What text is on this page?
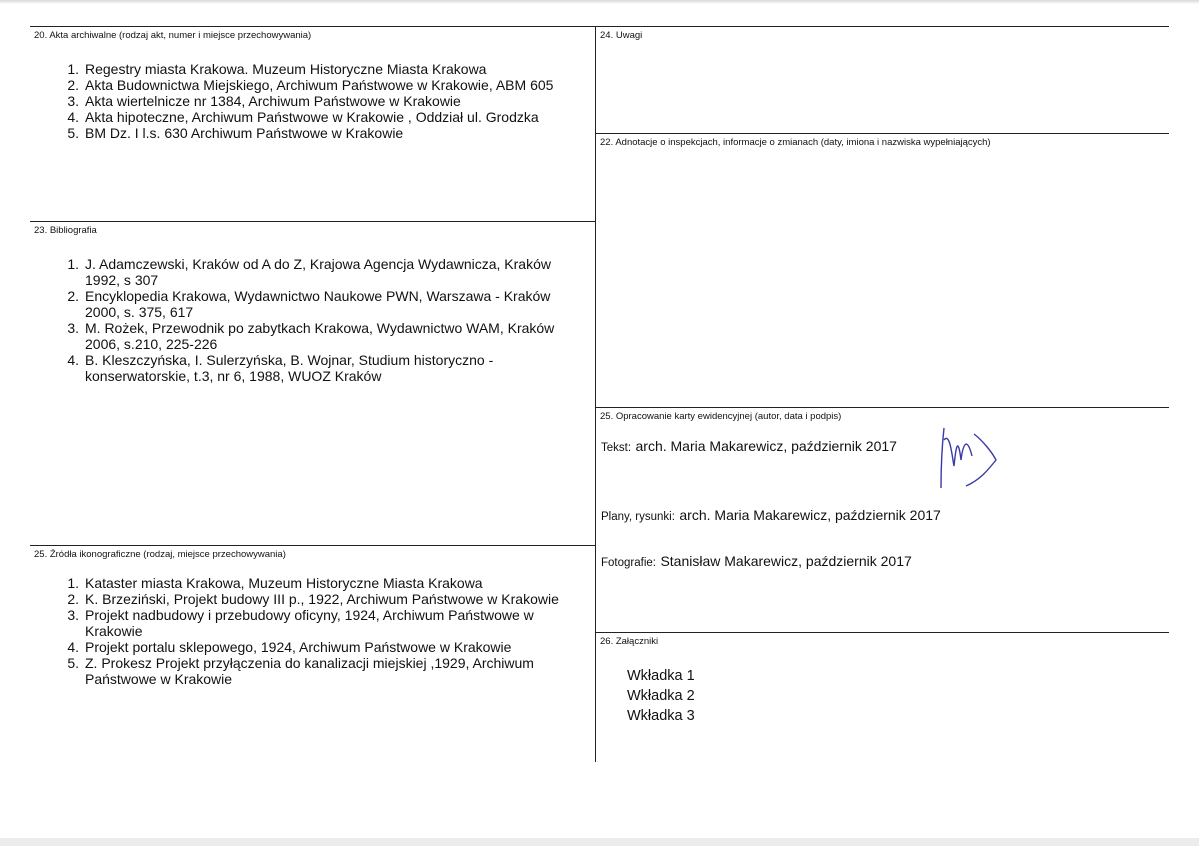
20. Akta archiwalne (rodzaj akt, numer i miejsce przechowywania)
1. Regestry miasta Krakowa. Muzeum Historyczne Miasta Krakowa
2. Akta Budownictwa Miejskiego, Archiwum Państwowe w Krakowie, ABM 605
3. Akta wiertelnicze nr 1384, Archiwum Państwowe w Krakowie
4. Akta hipoteczne, Archiwum Państwowe w Krakowie , Oddział ul. Grodzka
5. BM Dz. I l.s. 630 Archiwum Państwowe w Krakowie
24. Uwagi
22. Adnotacje o inspekcjach, informacje o zmianach (daty, imiona i nazwiska wypełniających)
23. Bibliografia
1. J. Adamczewski, Kraków od A do Z, Krajowa Agencja Wydawnicza, Kraków 1992, s 307
2. Encyklopedia Krakowa, Wydawnictwo Naukowe PWN, Warszawa - Kraków 2000, s. 375, 617
3. M. Rożek, Przewodnik po zabytkach Krakowa, Wydawnictwo WAM, Kraków 2006, s.210, 225-226
4. B. Kleszczyńska, I. Sulerzyńska, B. Wojnar, Studium historyczno - konserwatorskie, t.3, nr 6, 1988, WUOZ Kraków
25. Opracowanie karty ewidencyjnej (autor, data i podpis)
Tekst: arch. Maria Makarewicz, październik 2017
Plany, rysunki: arch. Maria Makarewicz, październik 2017
Fotografie: Stanisław Makarewicz, październik 2017
25. Źródła ikonograficzne (rodzaj, miejsce przechowywania)
1. Kataster miasta Krakowa, Muzeum Historyczne Miasta Krakowa
2. K. Brzeziński, Projekt budowy III p., 1922, Archiwum Państwowe w Krakowie
3. Projekt nadbudowy i przebudowy oficyny, 1924, Archiwum Państwowe w Krakowie
4. Projekt portalu sklepowego, 1924, Archiwum Państwowe w Krakowie
5. Z. Prokesz Projekt przyłączenia do kanalizacji miejskiej ,1929, Archiwum Państwowe w Krakowie
26. Załączniki
Wkładka 1
Wkładka 2
Wkładka 3
